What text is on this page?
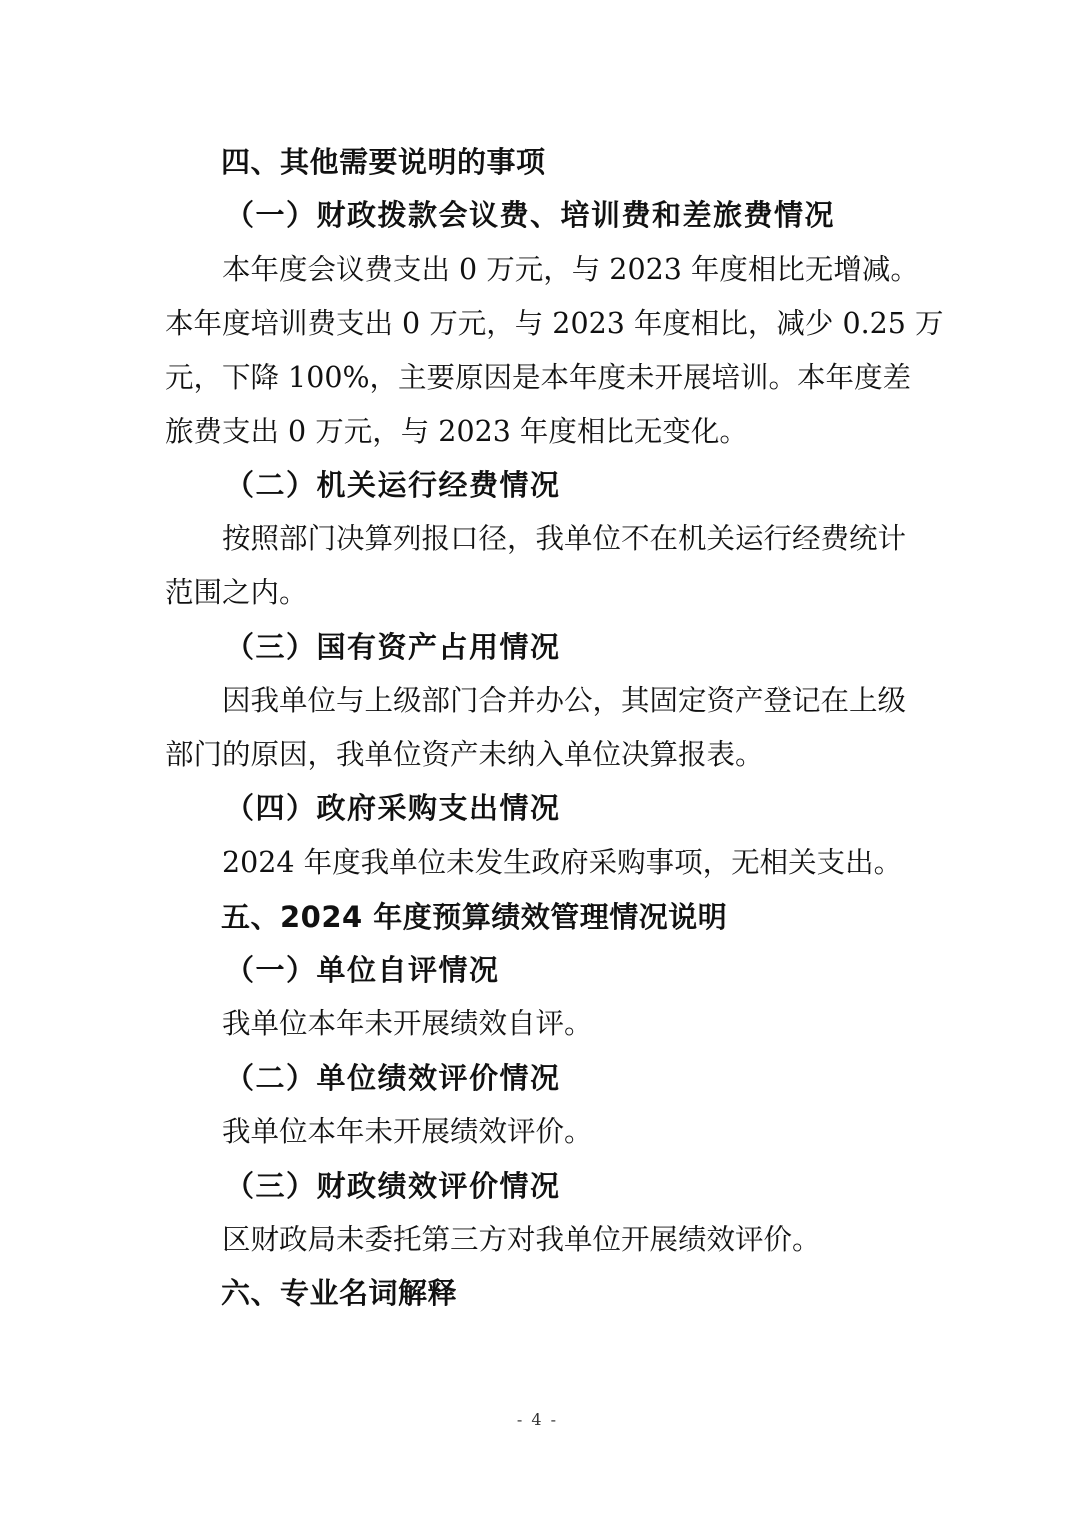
四、其他需要说明的事项
（一）财政拨款会议费、培训费和差旅费情况
本年度会议费支出 0 万元，与 2023 年度相比无增减。
本年度培训费支出 0 万元，与 2023 年度相比，减少 0.25 万
元，下降 100%，主要原因是本年度未开展培训。本年度差
旅费支出 0 万元，与 2023 年度相比无变化。
（二）机关运行经费情况
按照部门决算列报口径，我单位不在机关运行经费统计
范围之内。
（三）国有资产占用情况
因我单位与上级部门合并办公，其固定资产登记在上级
部门的原因，我单位资产未纳入单位决算报表。
（四）政府采购支出情况
2024 年度我单位未发生政府采购事项，无相关支出。
五、2024 年度预算绩效管理情况说明
（一）单位自评情况
我单位本年未开展绩效自评。
（二）单位绩效评价情况
我单位本年未开展绩效评价。
（三）财政绩效评价情况
区财政局未委托第三方对我单位开展绩效评价。
六、专业名词解释
- 4 -
